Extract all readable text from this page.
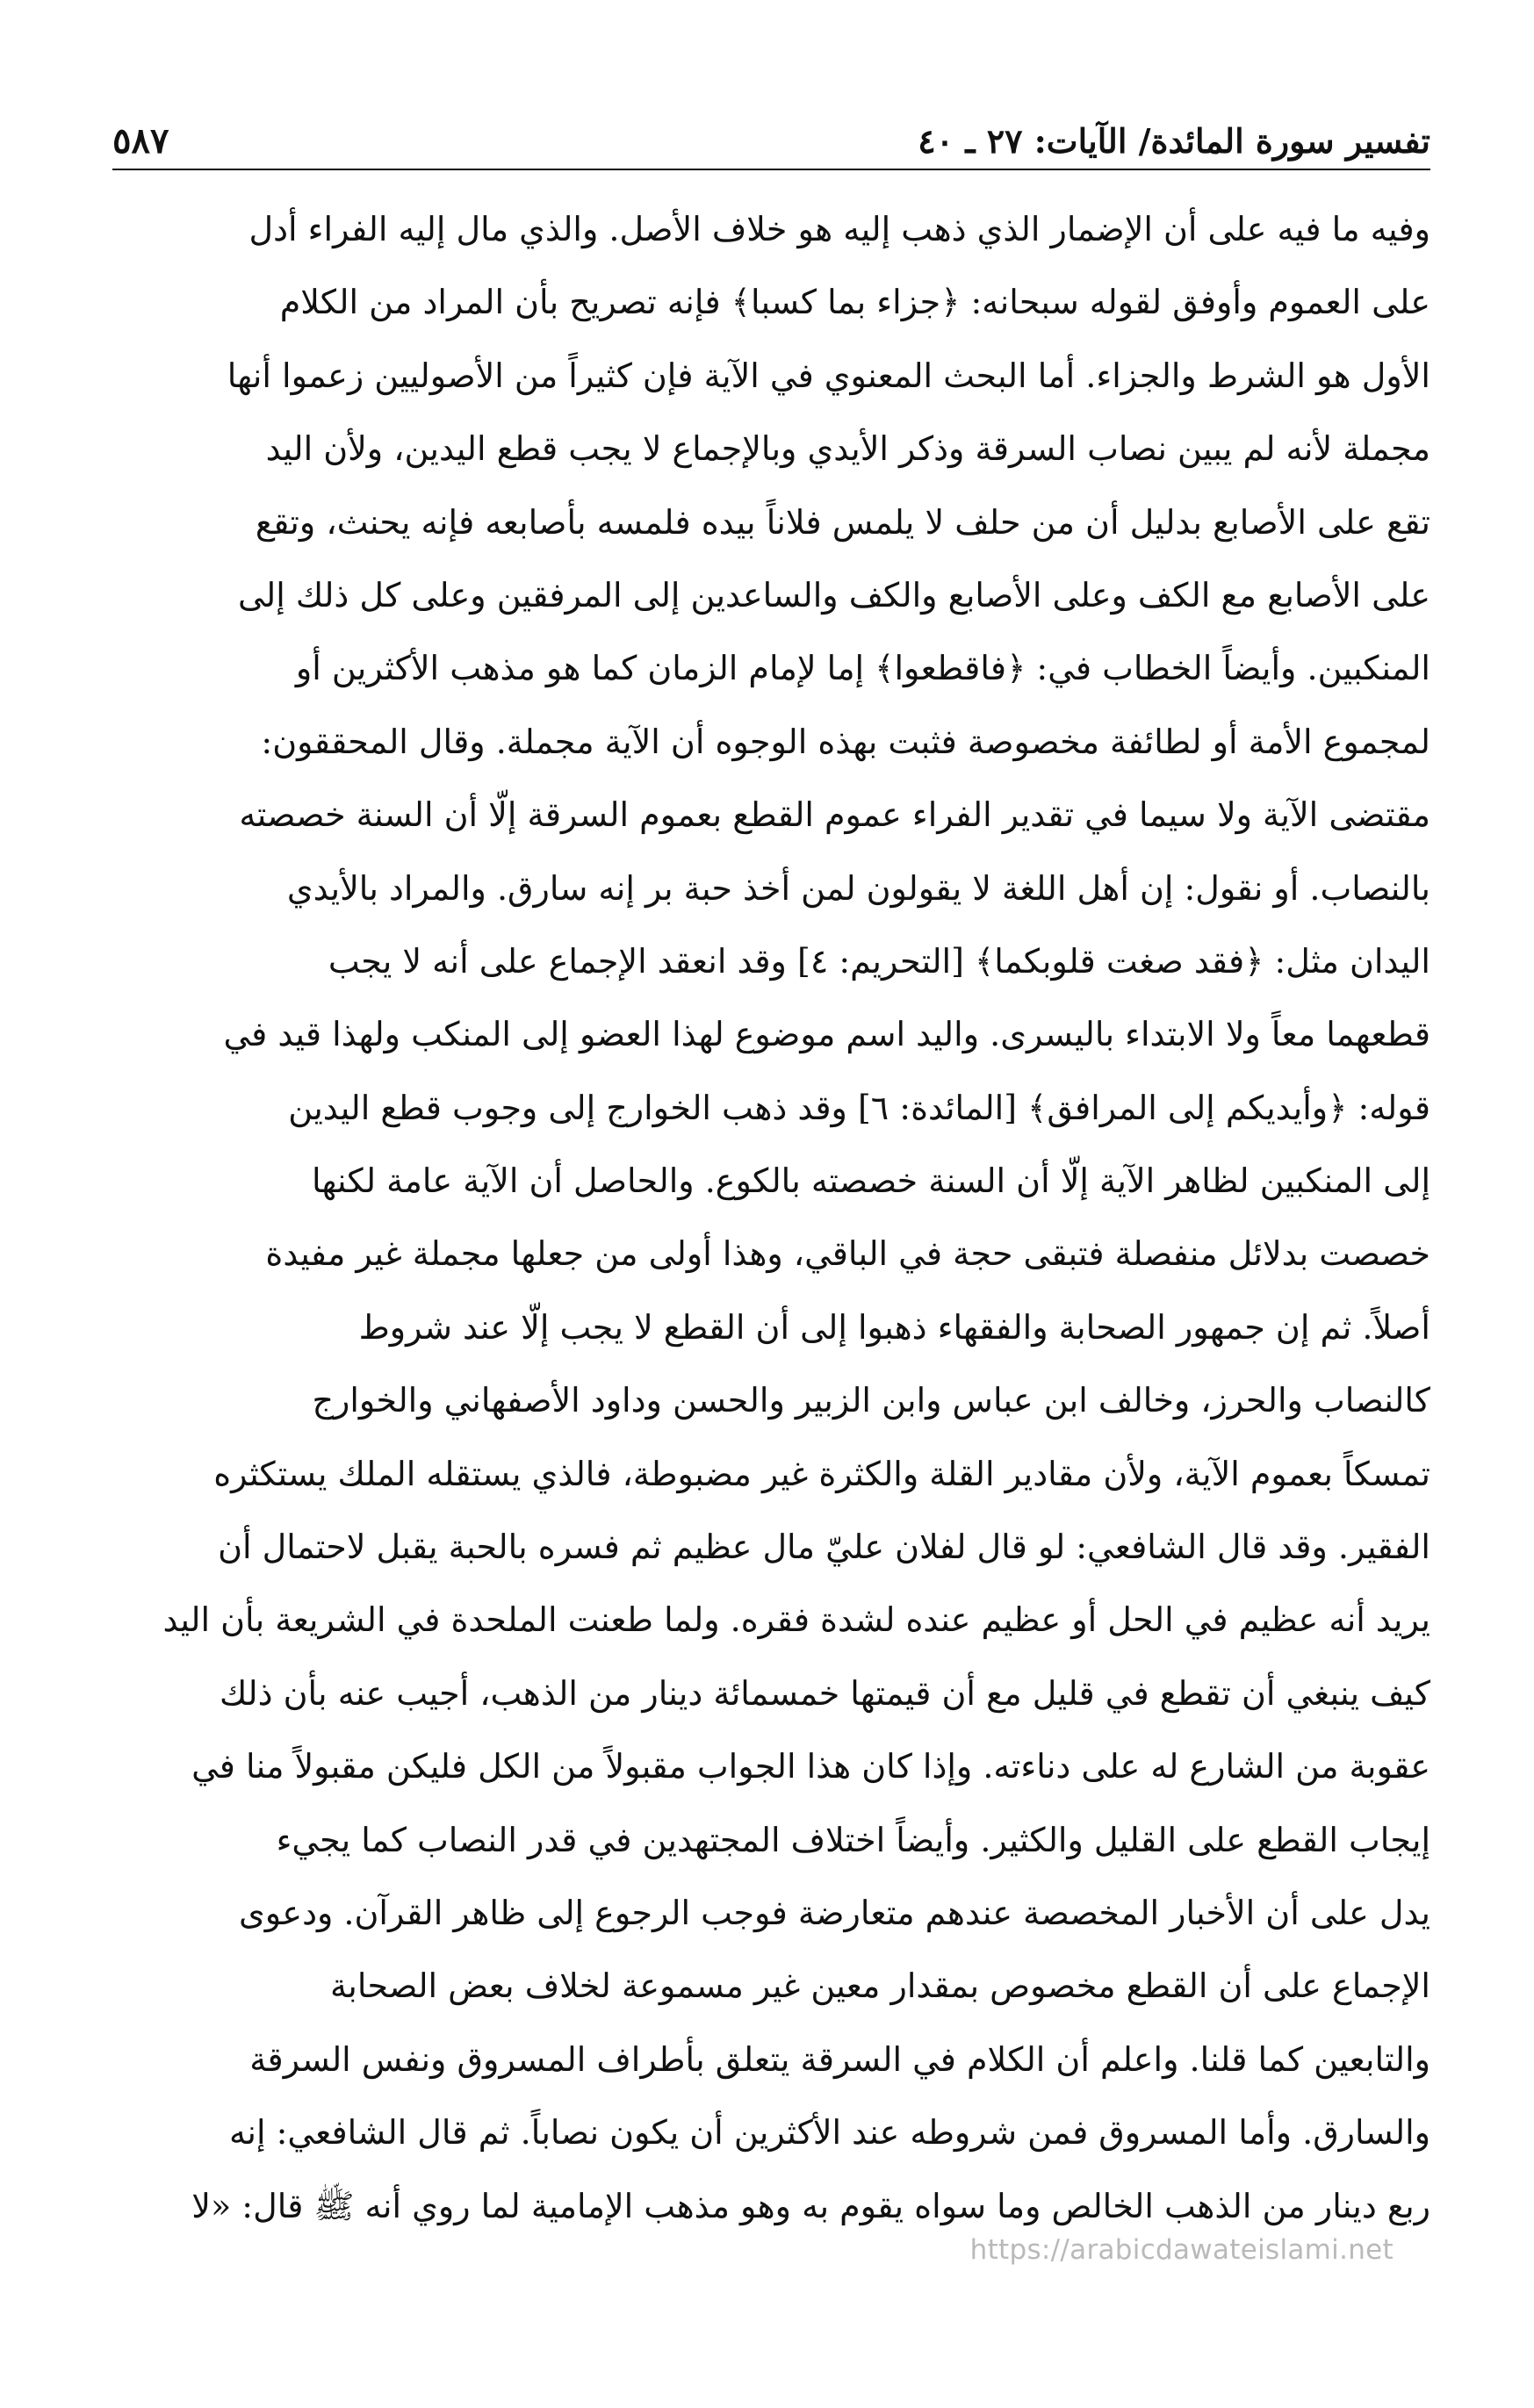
تفسير سورة المائدة/ الآيات: ٢٧ ـ ٤٠
٥٨٧
وفيه ما فيه على أن الإضمار الذي ذهب إليه هو خلاف الأصل. والذي مال إليه الفراء أدل
على العموم وأوفق لقوله سبحانه: ﴿جزاء بما كسبا﴾ فإنه تصريح بأن المراد من الكلام
الأول هو الشرط والجزاء. أما البحث المعنوي في الآية فإن كثيراً من الأصوليين زعموا أنها
مجملة لأنه لم يبين نصاب السرقة وذكر الأيدي وبالإجماع لا يجب قطع اليدين، ولأن اليد
تقع على الأصابع بدليل أن من حلف لا يلمس فلاناً بيده فلمسه بأصابعه فإنه يحنث، وتقع
على الأصابع مع الكف وعلى الأصابع والكف والساعدين إلى المرفقين وعلى كل ذلك إلى
المنكبين. وأيضاً الخطاب في: ﴿فاقطعوا﴾ إما لإمام الزمان كما هو مذهب الأكثرين أو
لمجموع الأمة أو لطائفة مخصوصة فثبت بهذه الوجوه أن الآية مجملة. وقال المحققون:
مقتضى الآية ولا سيما في تقدير الفراء عموم القطع بعموم السرقة إلّا أن السنة خصصته
بالنصاب. أو نقول: إن أهل اللغة لا يقولون لمن أخذ حبة بر إنه سارق. والمراد بالأيدي
اليدان مثل: ﴿فقد صغت قلوبكما﴾ [التحريم: ٤] وقد انعقد الإجماع على أنه لا يجب
قطعهما معاً ولا الابتداء باليسرى. واليد اسم موضوع لهذا العضو إلى المنكب ولهذا قيد في
قوله: ﴿وأيديكم إلى المرافق﴾ [المائدة: ٦] وقد ذهب الخوارج إلى وجوب قطع اليدين
إلى المنكبين لظاهر الآية إلّا أن السنة خصصته بالكوع. والحاصل أن الآية عامة لكنها
خصصت بدلائل منفصلة فتبقى حجة في الباقي، وهذا أولى من جعلها مجملة غير مفيدة
أصلاً. ثم إن جمهور الصحابة والفقهاء ذهبوا إلى أن القطع لا يجب إلّا عند شروط
كالنصاب والحرز، وخالف ابن عباس وابن الزبير والحسن وداود الأصفهاني والخوارج
تمسكاً بعموم الآية، ولأن مقادير القلة والكثرة غير مضبوطة، فالذي يستقله الملك يستكثره
الفقير. وقد قال الشافعي: لو قال لفلان عليّ مال عظيم ثم فسره بالحبة يقبل لاحتمال أن
يريد أنه عظيم في الحل أو عظيم عنده لشدة فقره. ولما طعنت الملحدة في الشريعة بأن اليد
كيف ينبغي أن تقطع في قليل مع أن قيمتها خمسمائة دينار من الذهب، أجيب عنه بأن ذلك
عقوبة من الشارع له على دناءته. وإذا كان هذا الجواب مقبولاً من الكل فليكن مقبولاً منا في
إيجاب القطع على القليل والكثير. وأيضاً اختلاف المجتهدين في قدر النصاب كما يجيء
يدل على أن الأخبار المخصصة عندهم متعارضة فوجب الرجوع إلى ظاهر القرآن. ودعوى
الإجماع على أن القطع مخصوص بمقدار معين غير مسموعة لخلاف بعض الصحابة
والتابعين كما قلنا. واعلم أن الكلام في السرقة يتعلق بأطراف المسروق ونفس السرقة
والسارق. وأما المسروق فمن شروطه عند الأكثرين أن يكون نصاباً. ثم قال الشافعي: إنه
ربع دينار من الذهب الخالص وما سواه يقوم به وهو مذهب الإمامية لما روي أنه ﷺ قال: «لا
https://arabicdawateislami.net
